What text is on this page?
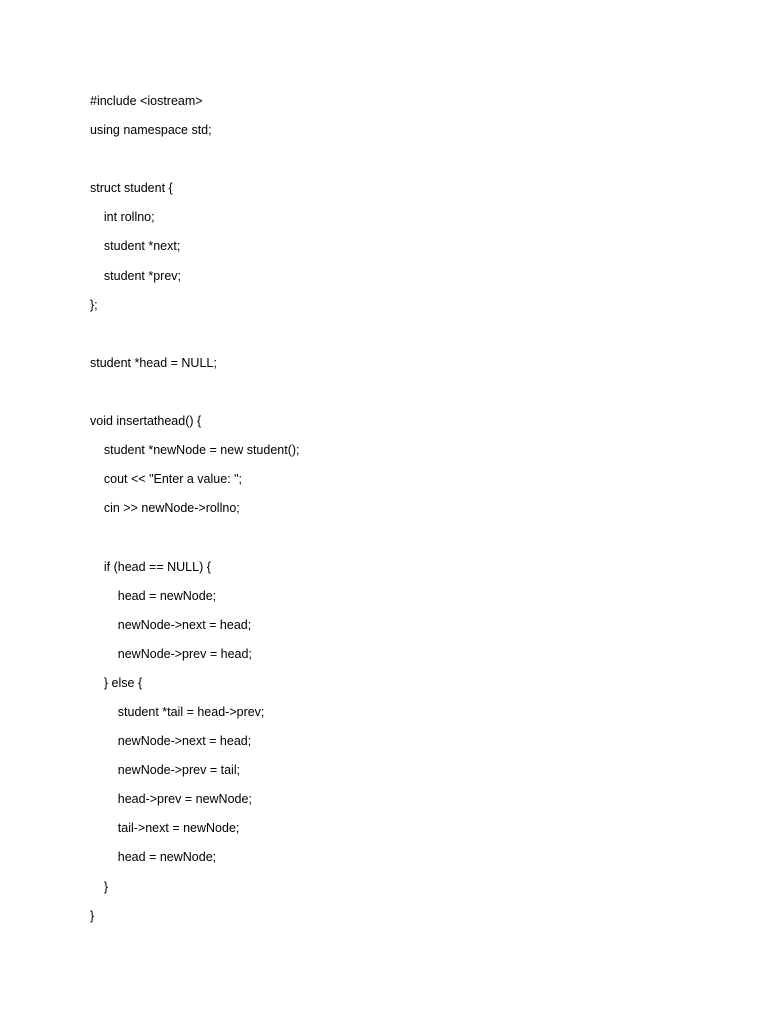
#include <iostream>
using namespace std;
struct student {
int rollno;
student *next;
student *prev;
};
student *head = NULL;
void insertathead() {
student *newNode = new student();
cout << "Enter a value: ";
cin >> newNode->rollno;
if (head == NULL) {
head = newNode;
newNode->next = head;
newNode->prev = head;
} else {
student *tail = head->prev;
newNode->next = head;
newNode->prev = tail;
head->prev = newNode;
tail->next = newNode;
head = newNode;
}
}
